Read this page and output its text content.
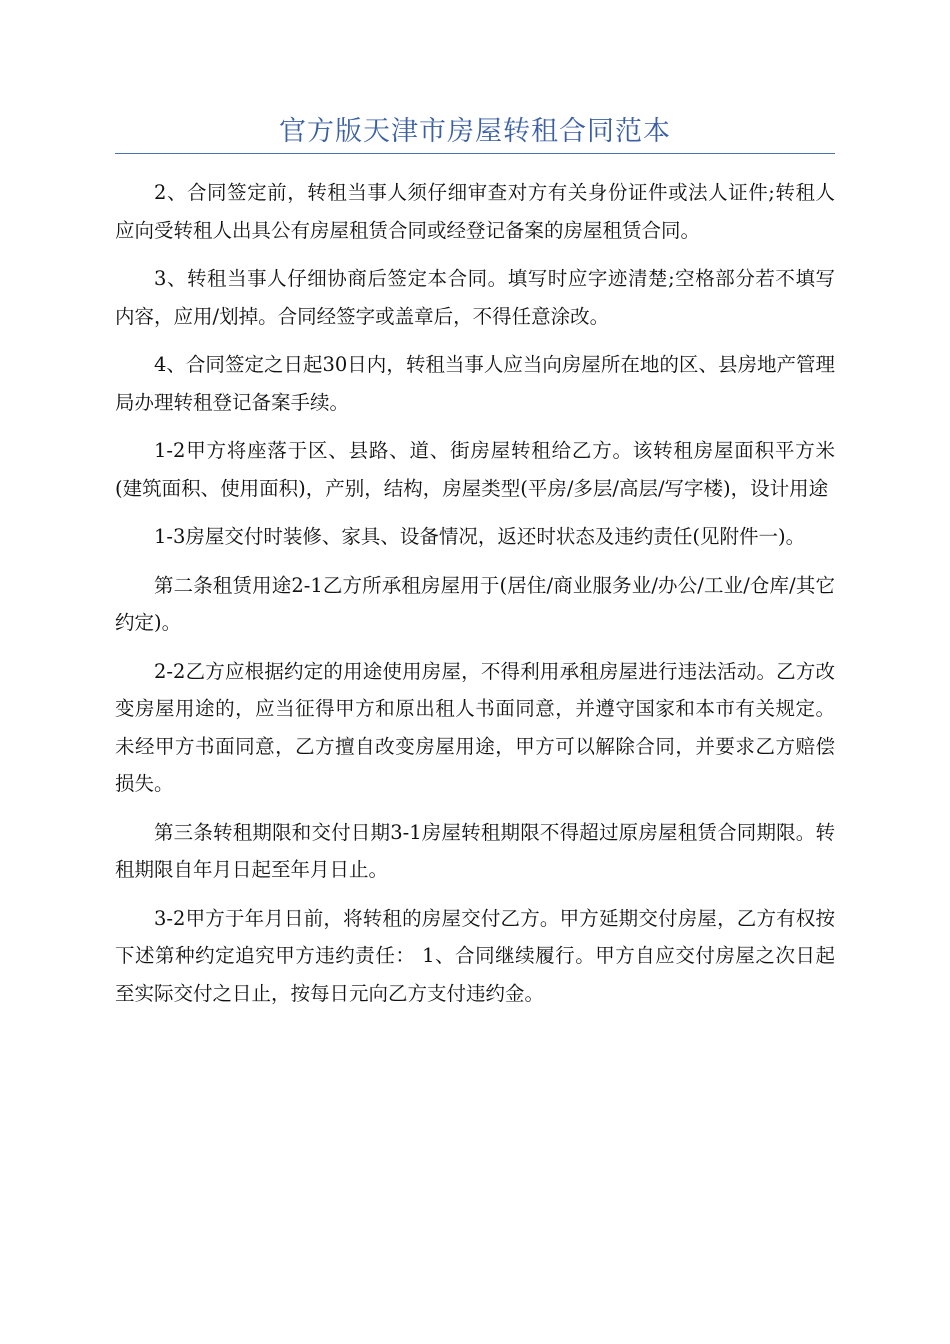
官方版天津市房屋转租合同范本

2、合同签定前，转租当事人须仔细审查对方有关身份证件或法人证件;转租人应向受转租人出具公有房屋租赁合同或经登记备案的房屋租赁合同。

3、转租当事人仔细协商后签定本合同。填写时应字迹清楚;空格部分若不填写内容，应用/划掉。合同经签字或盖章后，不得任意涂改。

4、合同签定之日起30日内，转租当事人应当向房屋所在地的区、县房地产管理局办理转租登记备案手续。

1-2甲方将座落于区、县路、道、街房屋转租给乙方。该转租房屋面积平方米(建筑面积、使用面积)，产别，结构，房屋类型(平房/多层/高层/写字楼)，设计用途

1-3房屋交付时装修、家具、设备情况，返还时状态及违约责任(见附件一)。

第二条租赁用途2-1乙方所承租房屋用于(居住/商业服务业/办公/工业/仓库/其它约定)。

2-2乙方应根据约定的用途使用房屋，不得利用承租房屋进行违法活动。乙方改变房屋用途的，应当征得甲方和原出租人书面同意，并遵守国家和本市有关规定。未经甲方书面同意，乙方擅自改变房屋用途，甲方可以解除合同，并要求乙方赔偿损失。

第三条转租期限和交付日期3-1房屋转租期限不得超过原房屋租赁合同期限。转租期限自年月日起至年月日止。

3-2甲方于年月日前，将转租的房屋交付乙方。甲方延期交付房屋，乙方有权按下述第种约定追究甲方违约责任： 1、合同继续履行。甲方自应交付房屋之次日起至实际交付之日止，按每日元向乙方支付违约金。
